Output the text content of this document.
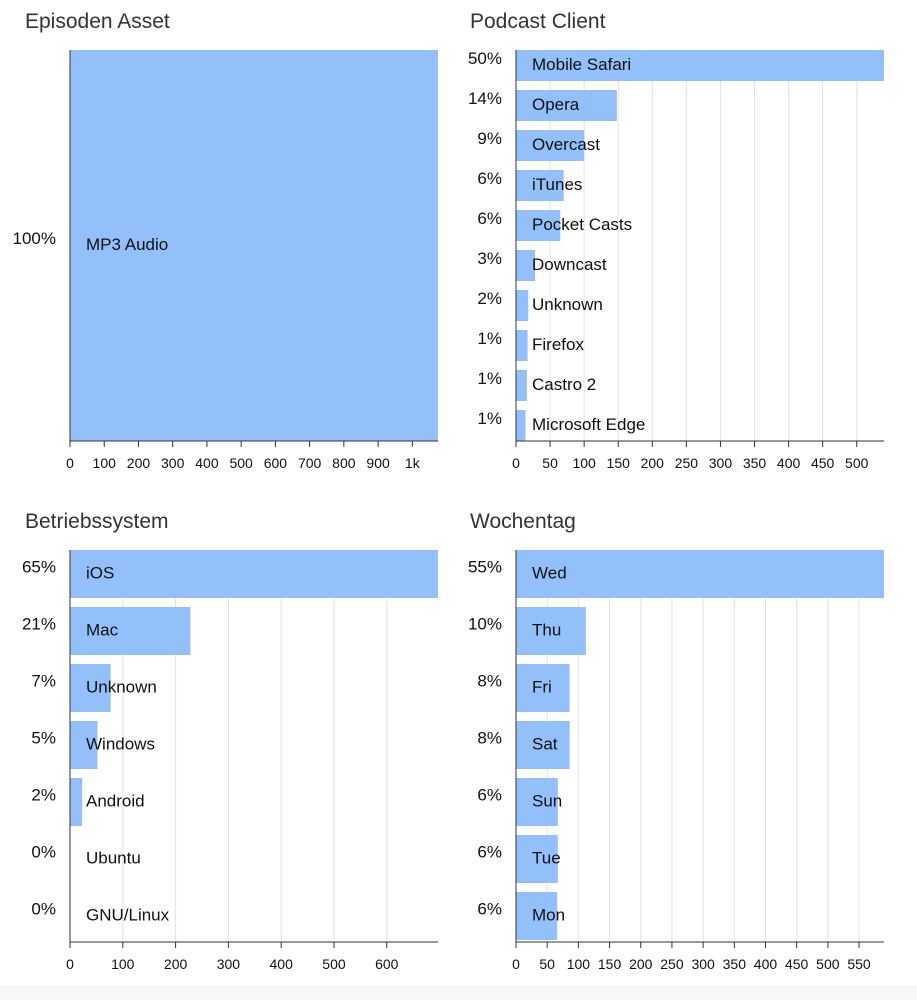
Episoden Asset
MP3 Audio
100%
0 100 200 300 400 500 600 700 800 900 1k
Podcast Client
Mobile Safari
50%
Opera
14%
Overcast
9%
iTunes
6%
Pocket Casts
6%
Downcast
3%
Unknown
2%
Firefox
1%
Castro 2
1%
Microsoft Edge
1%
0 50 100 150 200 250 300 350 400 450 500
Betriebssystem
iOS
65%
Mac
21%
Unknown
7%
Windows
5%
Android
2%
Ubuntu
0%
GNU/Linux
0%
0	100 200 300 400 500 600
Wochentag
Wed
55%
Thu
10%
Fri
8%
Sat
8%
Sun
6%
Tue
6%
Mon
6%
0 50 100 150 200 250 300 350 400 450 500 550
